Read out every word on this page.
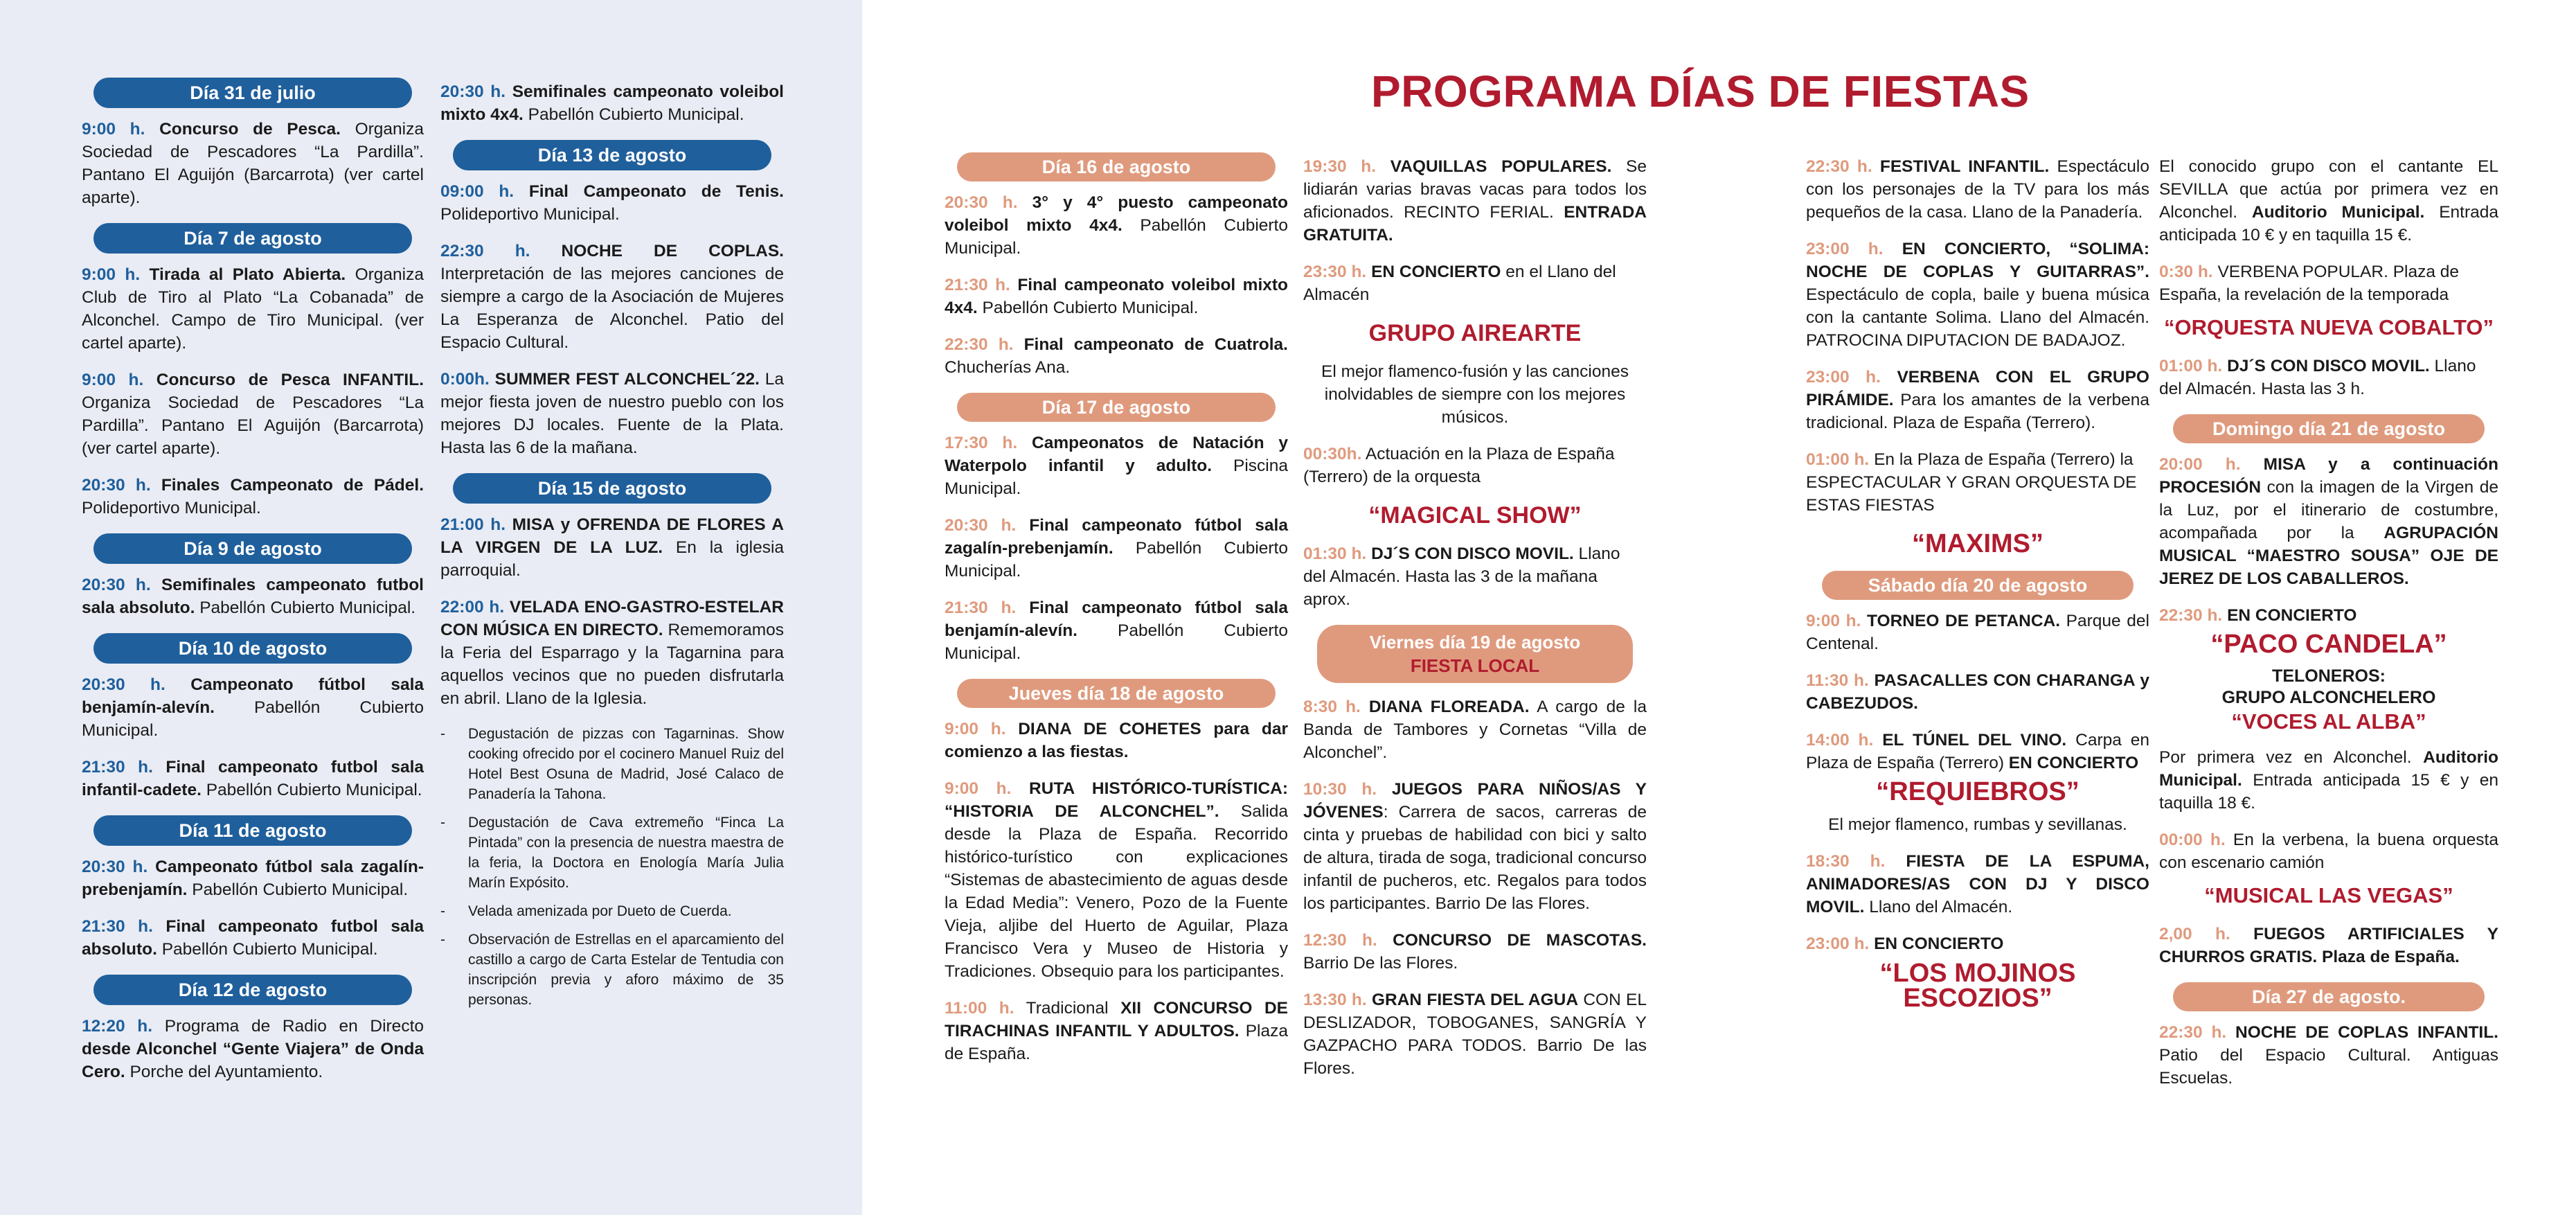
Día 31 de julio

9:00 h. Concurso de Pesca. Organiza Sociedad de Pescadores “La Pardilla”. Pantano El Aguijón (Barcarrota) (ver cartel aparte).

Día 7 de agosto

9:00 h. Tirada al Plato Abierta. Organiza Club de Tiro al Plato “La Cobanada” de Alconchel. Campo de Tiro Municipal. (ver cartel aparte).

9:00 h. Concurso de Pesca INFANTIL. Organiza Sociedad de Pescadores “La Pardilla”. Pantano El Aguijón (Barcarrota) (ver cartel aparte).

20:30 h. Finales Campeonato de Pádel. Polideportivo Municipal.

Día 9 de agosto

20:30 h. Semifinales campeonato futbol sala absoluto. Pabellón Cubierto Municipal.

Día 10 de agosto

20:30 h. Campeonato fútbol sala benjamín-alevín. Pabellón Cubierto Municipal.

21:30 h. Final campeonato futbol sala infantil-cadete. Pabellón Cubierto Municipal.

Día 11 de agosto

20:30 h. Campeonato fútbol sala zagalín-prebenjamín. Pabellón Cubierto Municipal.

21:30 h. Final campeonato futbol sala absoluto. Pabellón Cubierto Municipal.

Día 12 de agosto

12:20 h. Programa de Radio en Directo desde Alconchel “Gente Viajera” de Onda Cero. Porche del Ayuntamiento.

20:30 h. Semifinales campeonato voleibol mixto 4x4. Pabellón Cubierto Municipal.

Día 13 de agosto

09:00 h. Final Campeonato de Tenis. Polideportivo Municipal.

22:30 h. NOCHE DE COPLAS. Interpretación de las mejores canciones de siempre a cargo de la Asociación de Mujeres La Esperanza de Alconchel. Patio del Espacio Cultural.

0:00h. SUMMER FEST ALCONCHEL´22. La mejor fiesta joven de nuestro pueblo con los mejores DJ locales. Fuente de la Plata. Hasta las 6 de la mañana.

Día 15 de agosto

21:00 h. MISA y OFRENDA DE FLORES A LA VIRGEN DE LA LUZ. En la iglesia parroquial.

22:00 h. VELADA ENO-GASTRO-ESTELAR CON MÚSICA EN DIRECTO. Rememoramos la Feria del Esparrago y la Tagarnina para aquellos vecinos que no pueden disfrutarla en abril. Llano de la Iglesia.

- Degustación de pizzas con Tagarninas. Show cooking ofrecido por el cocinero Manuel Ruiz del Hotel Best Osuna de Madrid, José Calaco de Panadería la Tahona.
- Degustación de Cava extremeño “Finca La Pintada” con la presencia de nuestra maestra de la feria, la Doctora en Enología María Julia Marín Expósito.
- Velada amenizada por Dueto de Cuerda.
- Observación de Estrellas en el aparcamiento del castillo a cargo de Carta Estelar de Tentudia con inscripción previa y aforo máximo de 35 personas.
PROGRAMA DÍAS DE FIESTAS
Día 16 de agosto

20:30 h. 3° y 4° puesto campeonato voleibol mixto 4x4. Pabellón Cubierto Municipal.

21:30 h. Final campeonato voleibol mixto 4x4. Pabellón Cubierto Municipal.

22:30 h. Final campeonato de Cuatrola. Chucherías Ana.

Día 17 de agosto

17:30 h. Campeonatos de Natación y Waterpolo infantil y adulto. Piscina Municipal.

20:30 h. Final campeonato fútbol sala zagalín-prebenjamín. Pabellón Cubierto Municipal.

21:30 h. Final campeonato fútbol sala benjamín-alevín. Pabellón Cubierto Municipal.

Jueves día 18 de agosto

9:00 h. DIANA DE COHETES para dar comienzo a las fiestas.

9:00 h. RUTA HISTÓRICO-TURÍSTICA: “HISTORIA DE ALCONCHEL”. Salida desde la Plaza de España. Recorrido histórico-turístico con explicaciones “Sistemas de abastecimiento de aguas desde la Edad Media”: Venero, Pozo de la Fuente Vieja, aljibe del Huerto de Aguilar, Plaza Francisco Vera y Museo de Historia y Tradiciones. Obsequio para los participantes.

11:00 h. Tradicional XII CONCURSO DE TIRACHINAS INFANTIL Y ADULTOS. Plaza de España.

19:30 h. VAQUILLAS POPULARES. Se lidiarán varias bravas vacas para todos los aficionados. RECINTO FERIAL. ENTRADA GRATUITA.

23:30 h. EN CONCIERTO en el Llano del Almacén

GRUPO AIREARTE

El mejor flamenco-fusión y las canciones inolvidables de siempre con los mejores músicos.

00:30h. Actuación en la Plaza de España (Terrero) de la orquesta

“MAGICAL SHOW”

01:30 h. DJ´S CON DISCO MOVIL. Llano del Almacén. Hasta las 3 de la mañana aprox.

Viernes día 19 de agosto
FIESTA LOCAL

8:30 h. DIANA FLOREADA. A cargo de la Banda de Tambores y Cornetas “Villa de Alconchel”.

10:30 h. JUEGOS PARA NIÑOS/AS Y JÓVENES: Carrera de sacos, carreras de cinta y pruebas de habilidad con bici y salto de altura, tirada de soga, tradicional concurso infantil de pucheros, etc. Regalos para todos los participantes. Barrio De las Flores.

12:30 h. CONCURSO DE MASCOTAS. Barrio De las Flores.

13:30 h. GRAN FIESTA DEL AGUA CON EL DESLIZADOR, TOBOGANES, SANGRÍA Y GAZPACHO PARA TODOS. Barrio De las Flores.

22:30 h. FESTIVAL INFANTIL. Espectáculo con los personajes de la TV para los más pequeños de la casa. Llano de la Panadería.

23:00 h. EN CONCIERTO, “SOLIMA: NOCHE DE COPLAS Y GUITARRAS”. Espectáculo de copla, baile y buena música con la cantante Solima. Llano del Almacén. PATROCINA DIPUTACION DE BADAJOZ.

23:00 h. VERBENA CON EL GRUPO PIRÁMIDE. Para los amantes de la verbena tradicional. Plaza de España (Terrero).

01:00 h. En la Plaza de España (Terrero) la ESPECTACULAR Y GRAN ORQUESTA DE ESTAS FIESTAS

“MAXIMS”
Sábado día 20 de agosto

9:00 h. TORNEO DE PETANCA. Parque del Centenal.

11:30 h. PASACALLES CON CHARANGA y CABEZUDOS.

14:00 h. EL TÚNEL DEL VINO. Carpa en Plaza de España (Terrero) EN CONCIERTO

“REQUIEBROS”

El mejor flamenco, rumbas y sevillanas.

18:30 h. FIESTA DE LA ESPUMA, ANIMADORES/AS CON DJ Y DISCO MOVIL. Llano del Almacén.

23:00 h. EN CONCIERTO

“LOS MOJINOS ESCOZIOS”

El conocido grupo con el cantante EL SEVILLA que actúa por primera vez en Alconchel. Auditorio Municipal. Entrada anticipada 10 € y en taquilla 15 €.

0:30 h. VERBENA POPULAR. Plaza de España, la revelación de la temporada

“ORQUESTA NUEVA COBALTO”

01:00 h. DJ´S CON DISCO MOVIL. Llano del Almacén. Hasta las 3 h.

Domingo día 21 de agosto

20:00 h. MISA y a continuación PROCESIÓN con la imagen de la Virgen de la Luz, por el itinerario de costumbre, acompañada por la AGRUPACIÓN MUSICAL “MAESTRO SOUSA” OJE DE JEREZ DE LOS CABALLEROS.

22:30 h. EN CONCIERTO

“PACO CANDELA”
TELONEROS:
GRUPO ALCONCHELERO
“VOCES AL ALBA”

Por primera vez en Alconchel. Auditorio Municipal. Entrada anticipada 15 € y en taquilla 18 €.

00:00 h. En la verbena, la buena orquesta con escenario camión

“MUSICAL LAS VEGAS”

2,00 h. FUEGOS ARTIFICIALES Y CHURROS GRATIS. Plaza de España.

Día 27 de agosto.

22:30 h. NOCHE DE COPLAS INFANTIL. Patio del Espacio Cultural. Antiguas Escuelas.
